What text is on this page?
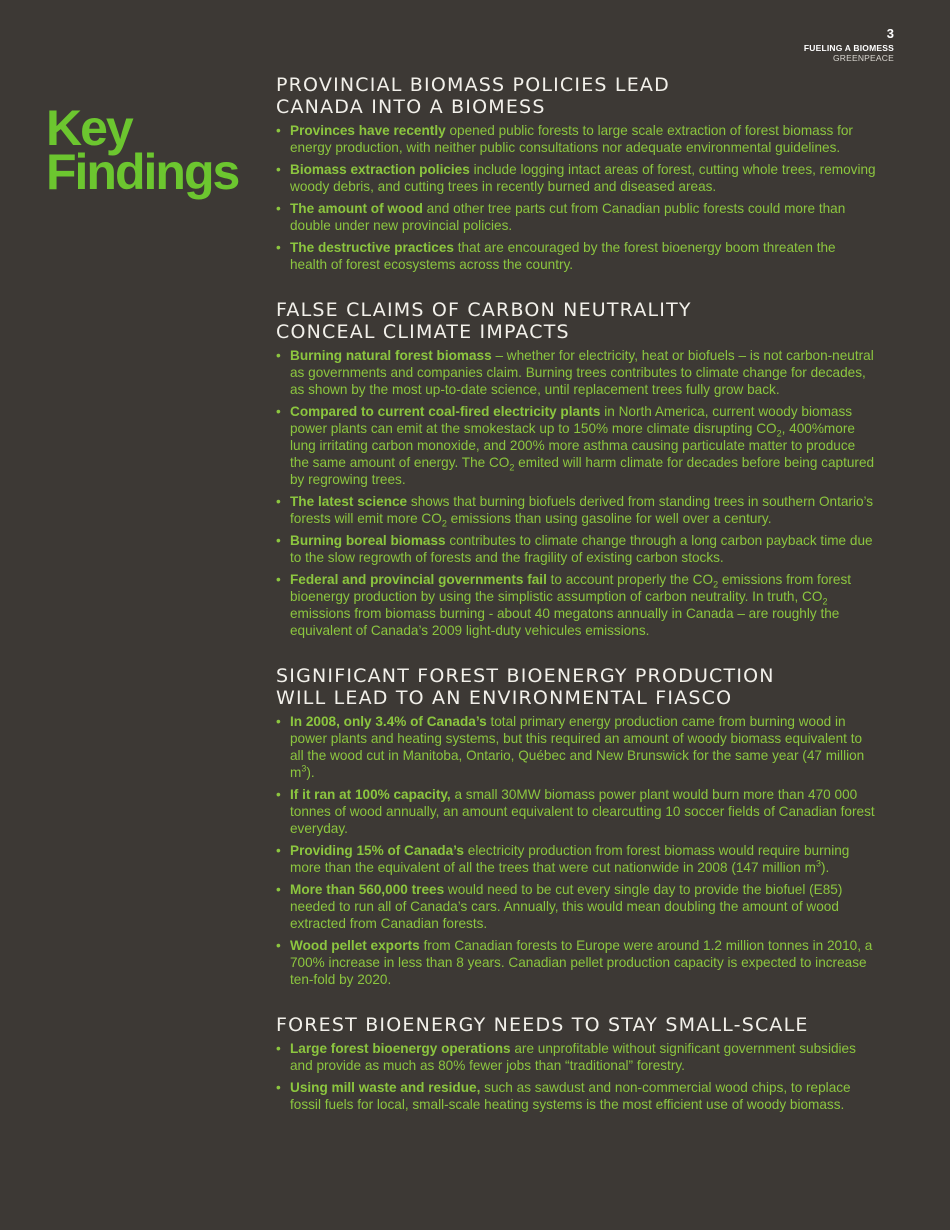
3
FUELING A BIOMESS
GREENPEACE
Key
Findings
PROVINCIAL BIOMASS POLICIES LEAD
CANADA INTO A BIOMESS
• Provinces have recently opened public forests to large scale extraction of forest biomass for energy production, with neither public consultations nor adequate environmental guidelines.
• Biomass extraction policies include logging intact areas of forest, cutting whole trees, removing woody debris, and cutting trees in recently burned and diseased areas.
• The amount of wood and other tree parts cut from Canadian public forests could more than double under new provincial policies.
• The destructive practices that are encouraged by the forest bioenergy boom threaten the health of forest ecosystems across the country.
FALSE CLAIMS OF CARBON NEUTRALITY
CONCEAL CLIMATE IMPACTS
• Burning natural forest biomass – whether for electricity, heat or biofuels – is not carbon-neutral as governments and companies claim. Burning trees contributes to climate change for decades, as shown by the most up-to-date science, until replacement trees fully grow back.
• Compared to current coal-fired electricity plants in North America, current woody biomass power plants can emit at the smokestack up to 150% more climate disrupting $CO_2$, 400%more lung irritating carbon monoxide, and 200% more asthma causing particulate matter to produce the same amount of energy. The $CO_2$ emited will harm climate for decades before being captured by regrowing trees.
• The latest science shows that burning biofuels derived from standing trees in southern Ontario’s forests will emit more $CO_2$ emissions than using gasoline for well over a century.
• Burning boreal biomass contributes to climate change through a long carbon payback time due to the slow regrowth of forests and the fragility of existing carbon stocks.
• Federal and provincial governments fail to account properly the $CO_2$ emissions from forest bioenergy production by using the simplistic assumption of carbon neutrality. In truth, $CO_2$ emissions from biomass burning - about 40 megatons annually in Canada – are roughly the equivalent of Canada’s 2009 light-duty vehicules emissions.
SIGNIFICANT FOREST BIOENERGY PRODUCTION
WILL LEAD TO AN ENVIRONMENTAL FIASCO
• In 2008, only 3.4% of Canada’s total primary energy production came from burning wood in power plants and heating systems, but this required an amount of woody biomass equivalent to all the wood cut in Manitoba, Ontario, Québec and New Brunswick for the same year (47 million $m^3$).
• If it ran at 100% capacity, a small 30MW biomass power plant would burn more than 470 000 tonnes of wood annually, an amount equivalent to clearcutting 10 soccer fields of Canadian forest everyday.
• Providing 15% of Canada’s electricity production from forest biomass would require burning more than the equivalent of all the trees that were cut nationwide in 2008 (147 million $m^3$).
• More than 560,000 trees would need to be cut every single day to provide the biofuel (E85) needed to run all of Canada’s cars. Annually, this would mean doubling the amount of wood extracted from Canadian forests.
• Wood pellet exports from Canadian forests to Europe were around 1.2 million tonnes in 2010, a 700% increase in less than 8 years. Canadian pellet production capacity is expected to increase ten-fold by 2020.
FOREST BIOENERGY NEEDS TO STAY SMALL-SCALE
• Large forest bioenergy operations are unprofitable without significant government subsidies and provide as much as 80% fewer jobs than “traditional” forestry.
• Using mill waste and residue, such as sawdust and non-commercial wood chips, to replace fossil fuels for local, small-scale heating systems is the most efficient use of woody biomass.
